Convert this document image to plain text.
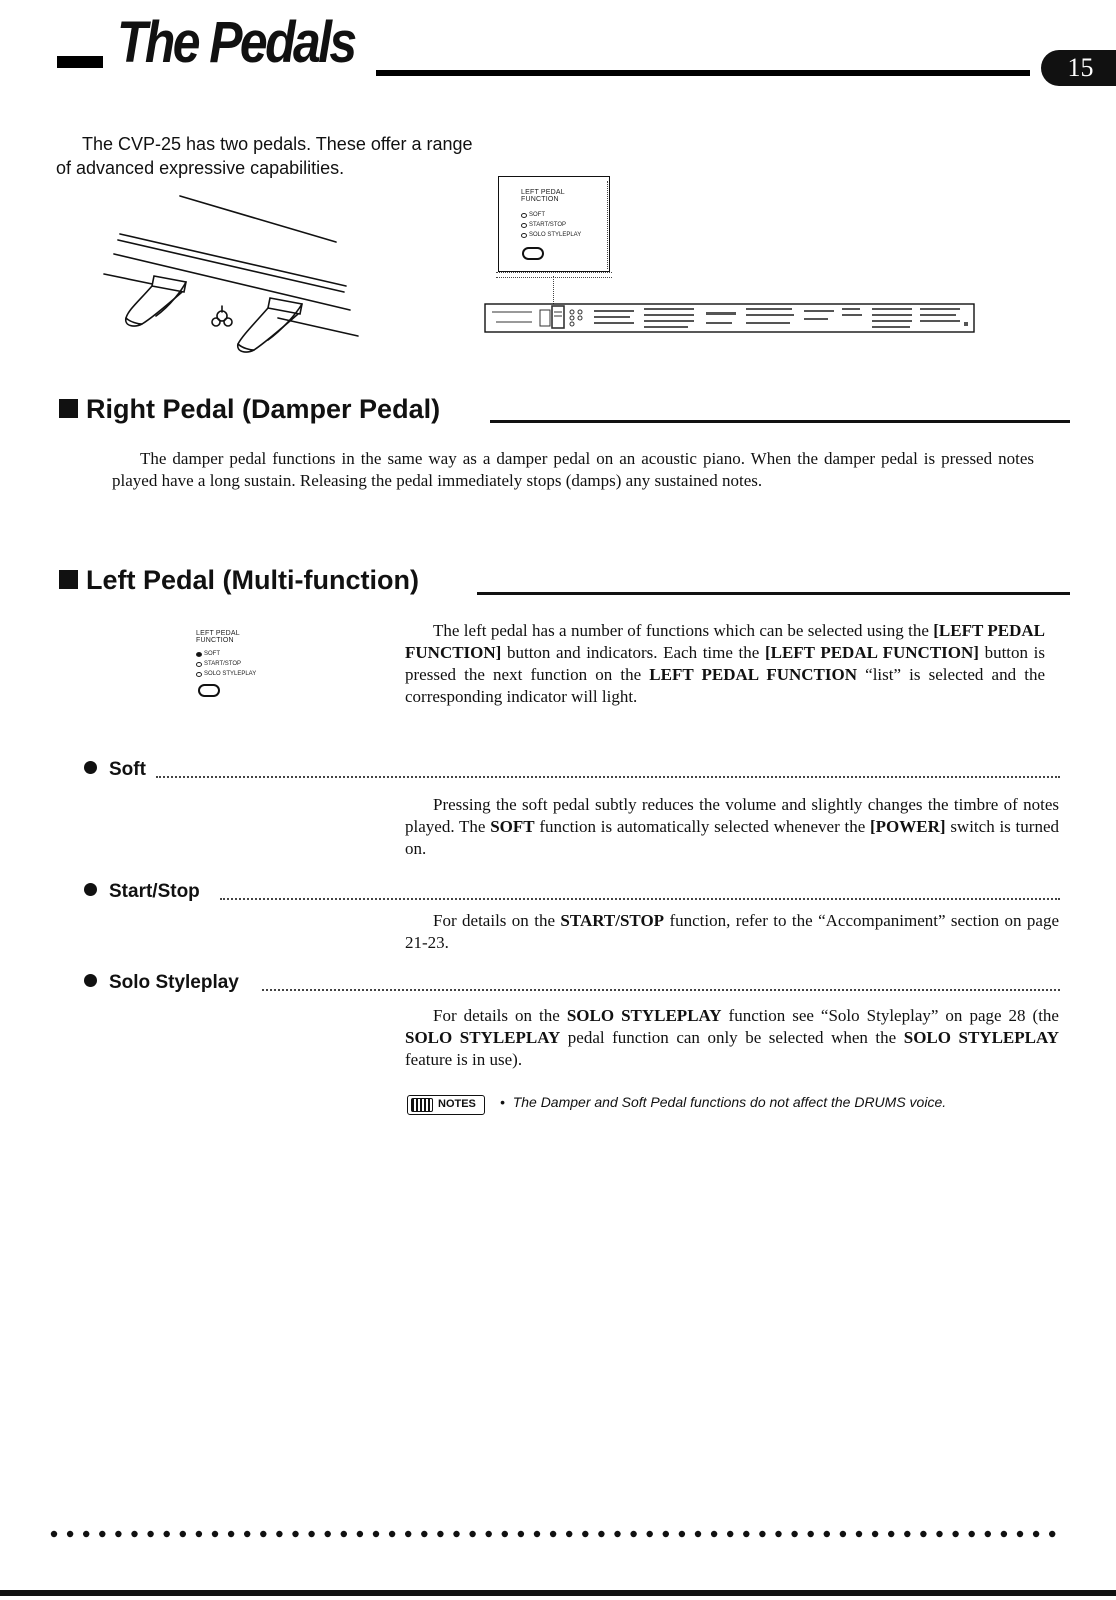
The Pedals	15
The CVP-25 has two pedals. These offer a range
of advanced expressive capabilities.
LEFT PEDAL
FUNCTION
SOFT
START/STOP
SOLO STYLEPLAY
Right Pedal (Damper Pedal)
The damper pedal functions in the same way as a damper pedal on an acoustic piano. When the damper pedal is pressed notes played have a long sustain. Releasing the pedal immediately stops (damps) any sustained notes.
Left Pedal (Multi-function)
LEFT PEDAL
FUNCTION
SOFT
START/STOP
SOLO STYLEPLAY
The left pedal has a number of functions which can be selected using the [LEFT PEDAL FUNCTION] button and indicators. Each time the [LEFT PEDAL FUNCTION] button is pressed the next function on the LEFT PEDAL FUNCTION “list” is selected and the corresponding indicator will light.
Soft
Pressing the soft pedal subtly reduces the volume and slightly changes the timbre of notes played. The SOFT function is automatically selected whenever the [POWER] switch is turned on.
Start/Stop
For details on the START/STOP function, refer to the “Accompaniment” section on page 21-23.
Solo Styleplay
For details on the SOLO STYLEPLAY function see “Solo Styleplay” on page 28 (the SOLO STYLEPLAY pedal function can only be selected when the SOLO STYLEPLAY feature is in use).
NOTES •  The Damper and Soft Pedal functions do not affect the DRUMS voice.
